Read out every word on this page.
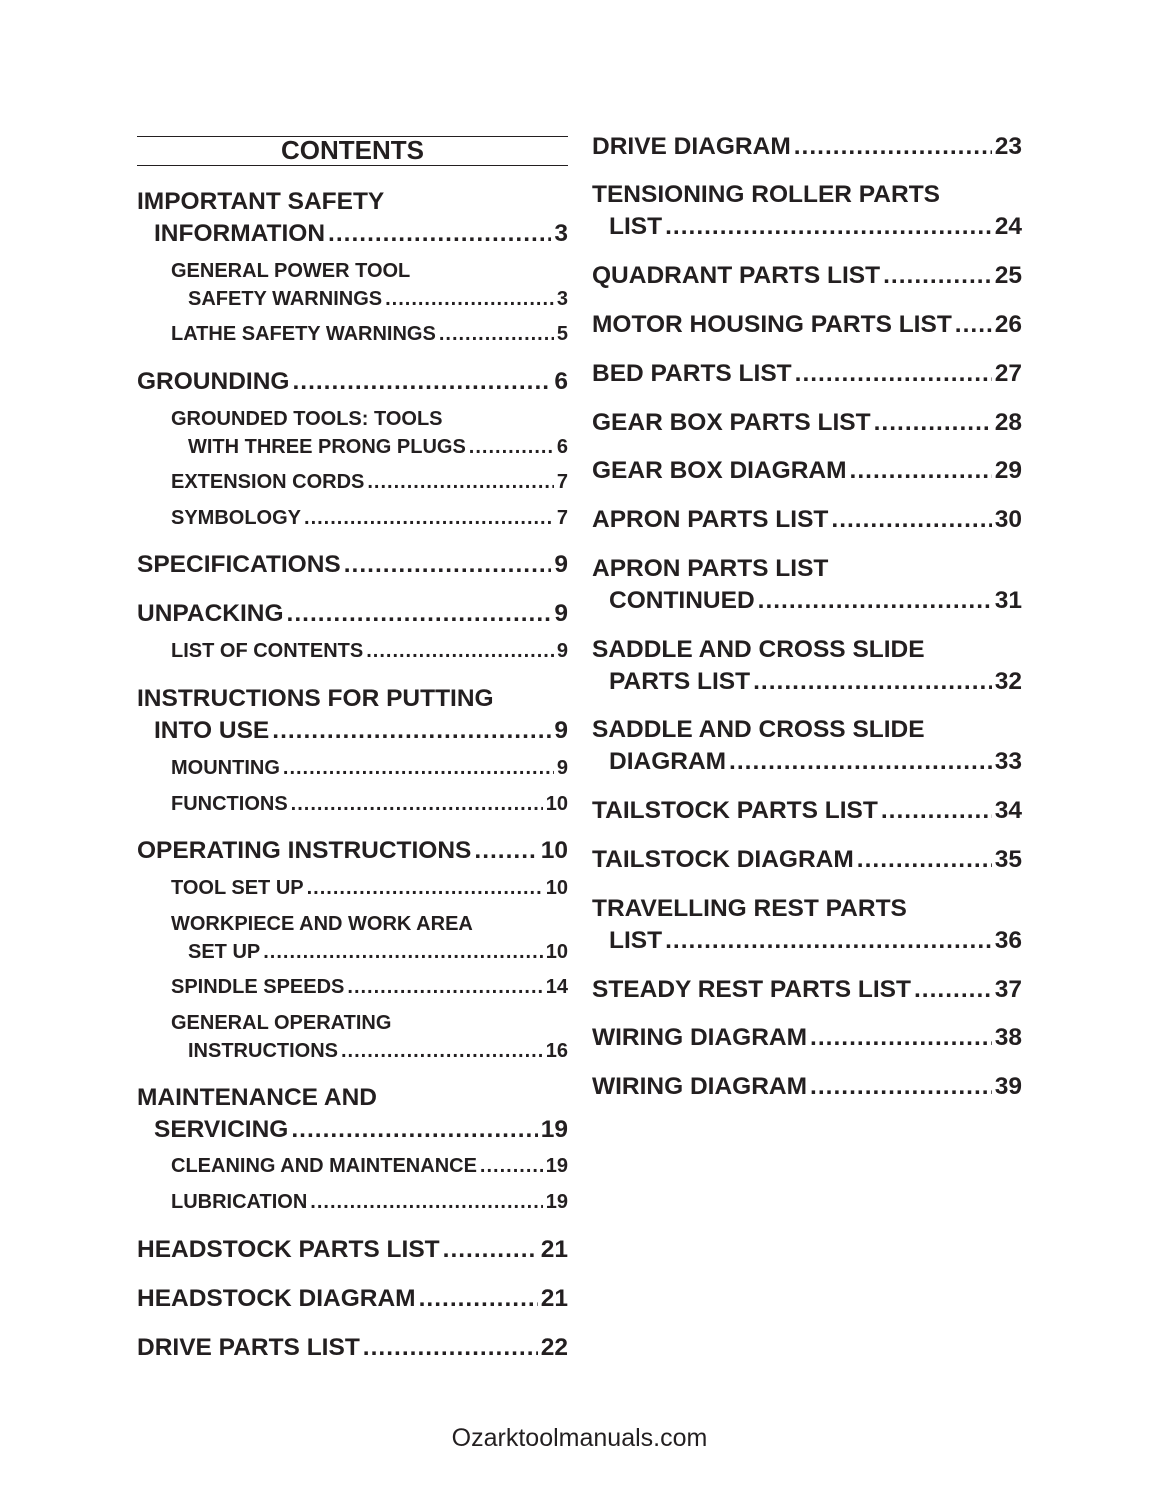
CONTENTS
IMPORTANT SAFETY
INFORMATION .....	3
GENERAL POWER TOOL
SAFETY WARNINGS .....	3
LATHE SAFETY WARNINGS .....	5
GROUNDING .....	6
GROUNDED TOOLS: TOOLS
WITH THREE PRONG PLUGS .....	6
EXTENSION CORDS .....	7
SYMBOLOGY .....	7
SPECIFICATIONS .....	9
UNPACKING .....	9
LIST OF CONTENTS .....	9
INSTRUCTIONS FOR PUTTING
INTO USE .....	9
MOUNTING .....	9
FUNCTIONS .....	10
OPERATING INSTRUCTIONS .....	10
TOOL SET UP .....	10
WORKPIECE AND WORK AREA
SET UP .....	10
SPINDLE SPEEDS .....	14
GENERAL OPERATING
INSTRUCTIONS .....	16
MAINTENANCE AND
SERVICING .....	19
CLEANING AND MAINTENANCE .....	19
LUBRICATION .....	19
HEADSTOCK PARTS LIST .....	21
HEADSTOCK DIAGRAM .....	21
DRIVE PARTS LIST .....	22
DRIVE DIAGRAM .....	23
TENSIONING ROLLER PARTS
LIST .....	24
QUADRANT PARTS LIST .....	25
MOTOR HOUSING PARTS LIST ..... 26
BED PARTS LIST .....	27
GEAR BOX PARTS LIST .....	28
GEAR BOX DIAGRAM .....	29
APRON PARTS LIST .....	30
APRON PARTS LIST
CONTINUED .....	31
SADDLE AND CROSS SLIDE
PARTS LIST .....	32
SADDLE AND CROSS SLIDE
DIAGRAM .....	33
TAILSTOCK PARTS LIST .....	34
TAILSTOCK DIAGRAM .....	35
TRAVELLING REST PARTS
LIST .....	36
STEADY REST PARTS LIST .....	37
WIRING DIAGRAM .....	38
WIRING DIAGRAM .....	39
Ozarktoolmanuals.com
